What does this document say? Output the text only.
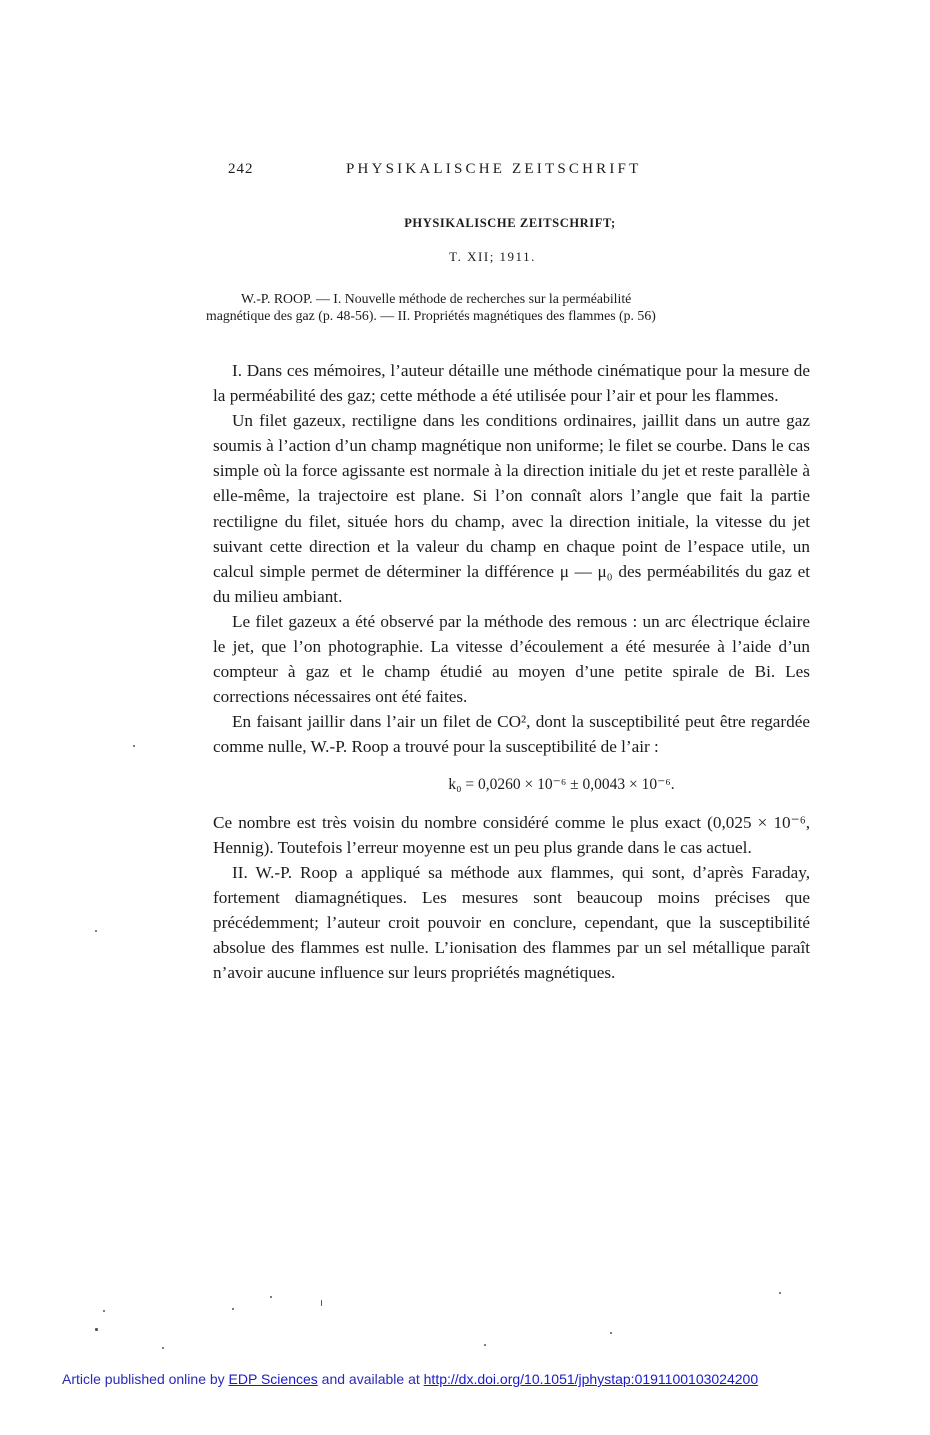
242	PHYSIKALISCHE ZEITSCHRIFT
PHYSIKALISCHE ZEITSCHRIFT;
T. XII; 1911.
W.-P. ROOP. — I. Nouvelle méthode de recherches sur la perméabilité
magnétique des gaz (p. 48-56). — II. Propriétés magnétiques des flammes (p. 56)

I. Dans ces mémoires, l’auteur détaille une méthode cinématique pour la mesure de la perméabilité des gaz; cette méthode a été utilisée pour l’air et pour les flammes.

Un filet gazeux, rectiligne dans les conditions ordinaires, jaillit dans un autre gaz soumis à l’action d’un champ magnétique non uniforme; le filet se courbe. Dans le cas simple où la force agissante est normale à la direction initiale du jet et reste parallèle à elle-même, la trajectoire est plane. Si l’on connaît alors l’angle que fait la partie rectiligne du filet, située hors du champ, avec la direction initiale, la vitesse du jet suivant cette direction et la valeur du champ en chaque point de l’espace utile, un calcul simple permet de déterminer la différence μ — μ₀ des perméabilités du gaz et du milieu ambiant.

Le filet gazeux a été observé par la méthode des remous : un arc électrique éclaire le jet, que l’on photographie. La vitesse d’écoulement a été mesurée à l’aide d’un compteur à gaz et le champ étudié au moyen d’une petite spirale de Bi. Les corrections nécessaires ont été faites.

En faisant jaillir dans l’air un filet de CO², dont la susceptibilité peut être regardée comme nulle, W.-P. Roop a trouvé pour la susceptibilité de l’air :

k₀ = 0,0260 × 10⁻⁶ ± 0,0043 × 10⁻⁶.

Ce nombre est très voisin du nombre considéré comme le plus exact (0,025 × 10⁻⁶, Hennig). Toutefois l’erreur moyenne est un peu plus grande dans le cas actuel.

II. W.-P. Roop a appliqué sa méthode aux flammes, qui sont, d’après Faraday, fortement diamagnétiques. Les mesures sont beaucoup moins précises que précédemment; l’auteur croit pouvoir en conclure, cependant, que la susceptibilité absolue des flammes est nulle. L’ionisation des flammes par un sel métallique paraît n’avoir aucune influence sur leurs propriétés magnétiques.

Article published online by EDP Sciences and available at http://dx.doi.org/10.1051/jphystap:0191100103024200
